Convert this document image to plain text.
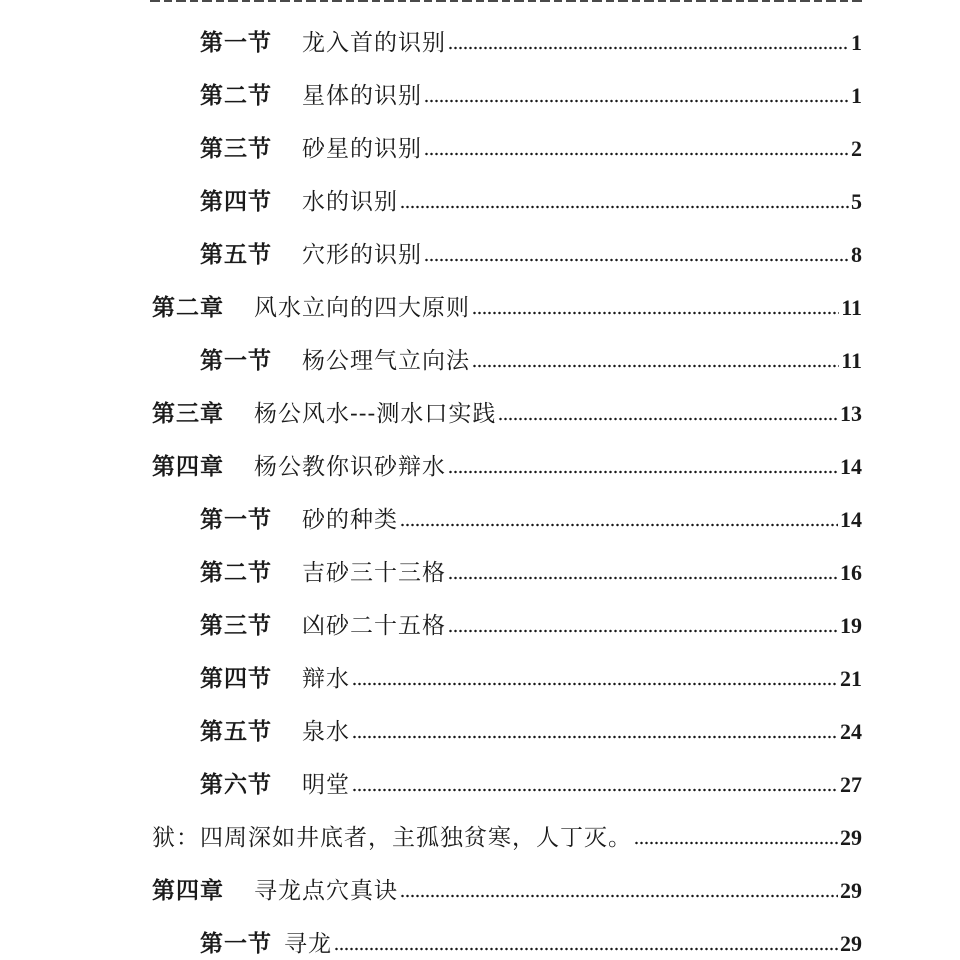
第一节 龙入首的识别	1
第二节 星体的识别	1
第三节 砂星的识别	2
第四节 水的识别	5
第五节 穴形的识别	8
第二章 风水立向的四大原则	11
第一节 杨公理气立向法	11
第三章 杨公风水---测水口实践	13
第四章 杨公教你识砂辩水	14
第一节 砂的种类	14
第二节 吉砂三十三格	16
第三节 凶砂二十五格	19
第四节 辩水	21
第五节 泉水	24
第六节 明堂	27
狱：四周深如井底者，主孤独贫寒，人丁灭。	29
第四章 寻龙点穴真诀	29
第一节 寻龙	29
